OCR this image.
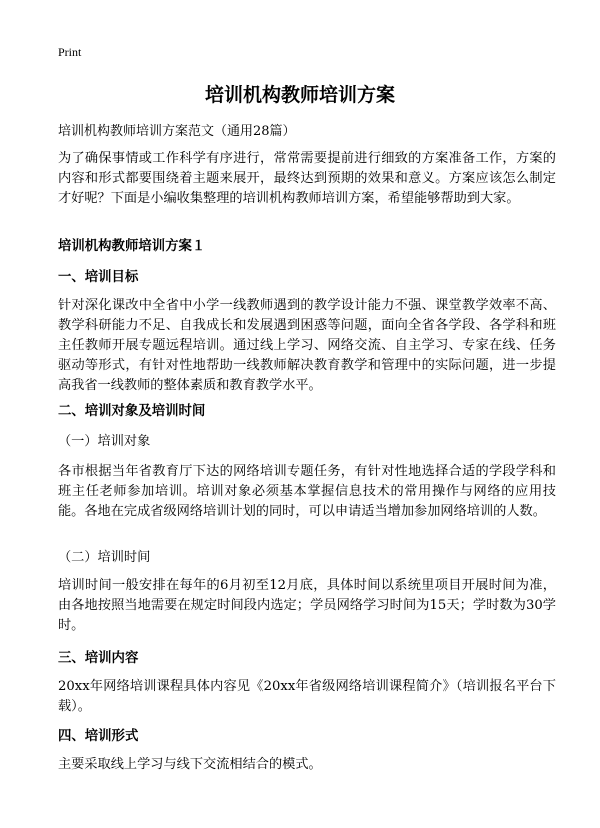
Print
培训机构教师培训方案
培训机构教师培训方案范文（通用28篇）

为了确保事情或工作科学有序进行，常常需要提前进行细致的方案准备工作，方案的内容和形式都要围绕着主题来展开，最终达到预期的效果和意义。方案应该怎么制定才好呢？下面是小编收集整理的培训机构教师培训方案，希望能够帮助到大家。

培训机构教师培训方案１
一、培训目标

针对深化课改中全省中小学一线教师遇到的教学设计能力不强、课堂教学效率不高、教学科研能力不足、自我成长和发展遇到困惑等问题，面向全省各学段、各学科和班主任教师开展专题远程培训。通过线上学习、网络交流、自主学习、专家在线、任务驱动等形式，有针对性地帮助一线教师解决教育教学和管理中的实际问题，进一步提高我省一线教师的整体素质和教育教学水平。

二、培训对象及培训时间
（一）培训对象

各市根据当年省教育厅下达的网络培训专题任务，有针对性地选择合适的学段学科和班主任老师参加培训。培训对象必须基本掌握信息技术的常用操作与网络的应用技能。各地在完成省级网络培训计划的同时，可以申请适当增加参加网络培训的人数。

（二）培训时间

培训时间一般安排在每年的6月初至12月底，具体时间以系统里项目开展时间为准，由各地按照当地需要在规定时间段内选定；学员网络学习时间为15天；学时数为30学时。

三、培训内容

20xx年网络培训课程具体内容见《20xx年省级网络培训课程简介》（培训报名平台下载）。

四、培训形式

主要采取线上学习与线下交流相结合的模式。
